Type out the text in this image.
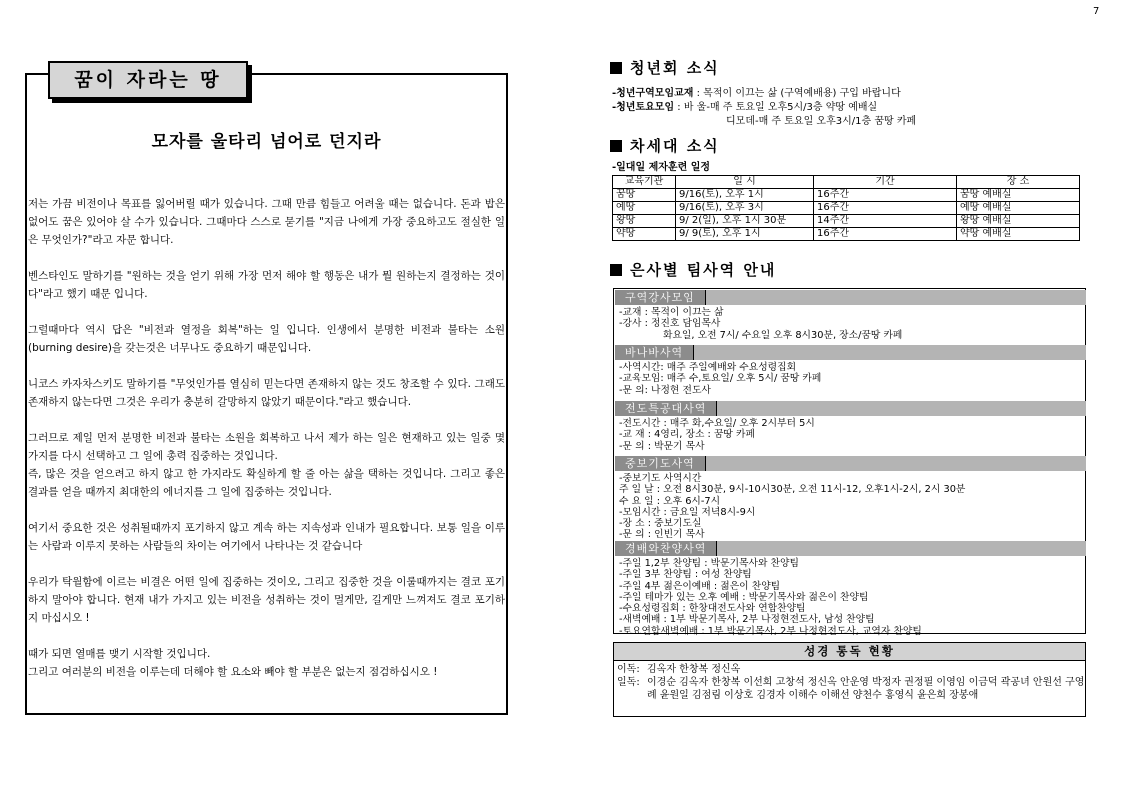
7
꿈이 자라는 땅
모자를 울타리 넘어로 던지라

저는 가끔 비전이나 목표를 잃어버릴 때가 있습니다. 그때 만큼 힘들고 어려울 때는 없습니다. 돈과 밥은 없어도 꿈은 있어야 살 수가 있습니다. 그때마다 스스로 묻기를 "지금 나에게 가장 중요하고도 절실한 일은 무엇인가?"라고 자문 합니다.

벤스타인도 말하기를 "원하는 것을 얻기 위해 가장 먼저 해야 할 행동은 내가 뭘 원하는지 결정하는 것이다"라고 했기 때문 입니다.

그럴때마다 역시 답은 "비전과 열정을 회복"하는 일 입니다. 인생에서 분명한 비전과 불타는 소원(burning desire)을 갖는것은 너무나도 중요하기 때문입니다.

니코스 카자차스키도 말하기를 "무엇인가를 열심히 믿는다면 존재하지 않는 것도 창조할 수 있다. 그래도 존재하지 않는다면 그것은 우리가 충분히 갈망하지 않았기 때문이다."라고 했습니다.

그러므로 제일 먼저 분명한 비전과 불타는 소원을 회복하고 나서 제가 하는 일은 현재하고 있는 일중 몇 가지를 다시 선택하고 그 일에 총력 집중하는 것입니다.

즉, 많은 것을 얻으려고 하지 않고 한 가지라도 확실하게 할 줄 아는 삶을 택하는 것입니다. 그리고 좋은 결과를 얻을 때까지 최대한의 에너지를 그 일에 집중하는 것입니다.

여기서 중요한 것은 성취될때까지 포기하지 않고 계속 하는 지속성과 인내가 필요합니다. 보통 일을 이루는 사람과 이루지 못하는 사람들의 차이는 여기에서 나타나는 것 같습니다

우리가 탁월함에 이르는 비결은 어떤 일에 집중하는 것이오, 그리고 집중한 것을 이룰때까지는 결코 포기하지 말아야 합니다. 현재 내가 가지고 있는 비전을 성취하는 것이 멀게만, 길게만 느껴져도 결코 포기하지 마십시오 !

때가 되면 열매를 맺기 시작할 것입니다.

그리고 여러분의 비전을 이루는데 더해야 할 요소와 빼야 할 부분은 없는지 점검하십시오 !

청년회 소식
-청년구역모임교재 : 목적이 이끄는 삶 (구역예배용) 구입 바랍니다
-청년토요모임 : 바 울-매 주 토요일 오후5시/3층 약땅 예배실
디모데-매 주 토요일 오후3시/1층 꿈땅 카페
차세대 소식
-일대일 제자훈련 일정
교육기관	일 시	기간	장 소
꿈땅	9/16(토), 오후 1시	16주간	꿈땅 예배실
예땅	9/16(토), 오후 3시	16주간	예땅 예배실
왕땅	9/ 2(일), 오후 1시 30분	14주간	왕땅 예배실
약땅	9/ 9(토), 오후 1시	16주간	약땅 예배실
은사별 팀사역 안내
구역강사모임
-교재 : 목적이 이끄는 삶
-강사 : 정진호 담임목사
화요일, 오전 7시/ 수요일 오후 8시30분, 장소/꿈땅 카페
바나바사역
-사역시간: 매주 주일예배와 수요성령집회
-교육모임: 매주 수,토요일/ 오후 5시/ 꿈땅 카페
-문 의: 나정현 전도사
전도특공대사역
-전도시간 : 매주 화,수요일/ 오후 2시부터 5시
-교 재 : 4영리, 장소 : 꿈땅 카페
-문 의 : 박문기 목사
중보기도사역
-중보기도 사역시간
주 일 날 : 오전 8시30분, 9시-10시30분, 오전 11시-12, 오후1시-2시, 2시 30분
수 요 일 : 오후 6시-7시
-모임시간 : 금요일 저녁8시-9시
-장 소 : 중보기도실
-문 의 : 인빈기 목사
경배와찬양사역
-주일 1,2부 찬양팀 : 박문기목사와 찬양팀
-주일 3부 찬양팀 : 여성 찬양팀
-주일 4부 젊은이예배 : 젊은이 찬양팀
-주일 테마가 있는 오후 예배 : 박문기목사와 젊은이 찬양팀
-수요성령집회 : 한창대전도사와 연합찬양팀
-새벽예배 : 1부 박문기목사, 2부 나정현전도사, 남성 찬양팀
-토요연합새벽예배 : 1부 박문기목사, 2부 나정현전도사, 교역자 찬양팀
성경 통독 현황
이독: 김옥자 한창복 정신옥
일독: 이경순 김옥자 한창복 이선희 고창석 정신옥 안운영 박정자 권정필 이영임 이금덕 곽공녀 안원선 구영례 윤원일 김점림 이상호 김경자 이해수 이해선 양천수 홍영식 윤은희 장봉애
